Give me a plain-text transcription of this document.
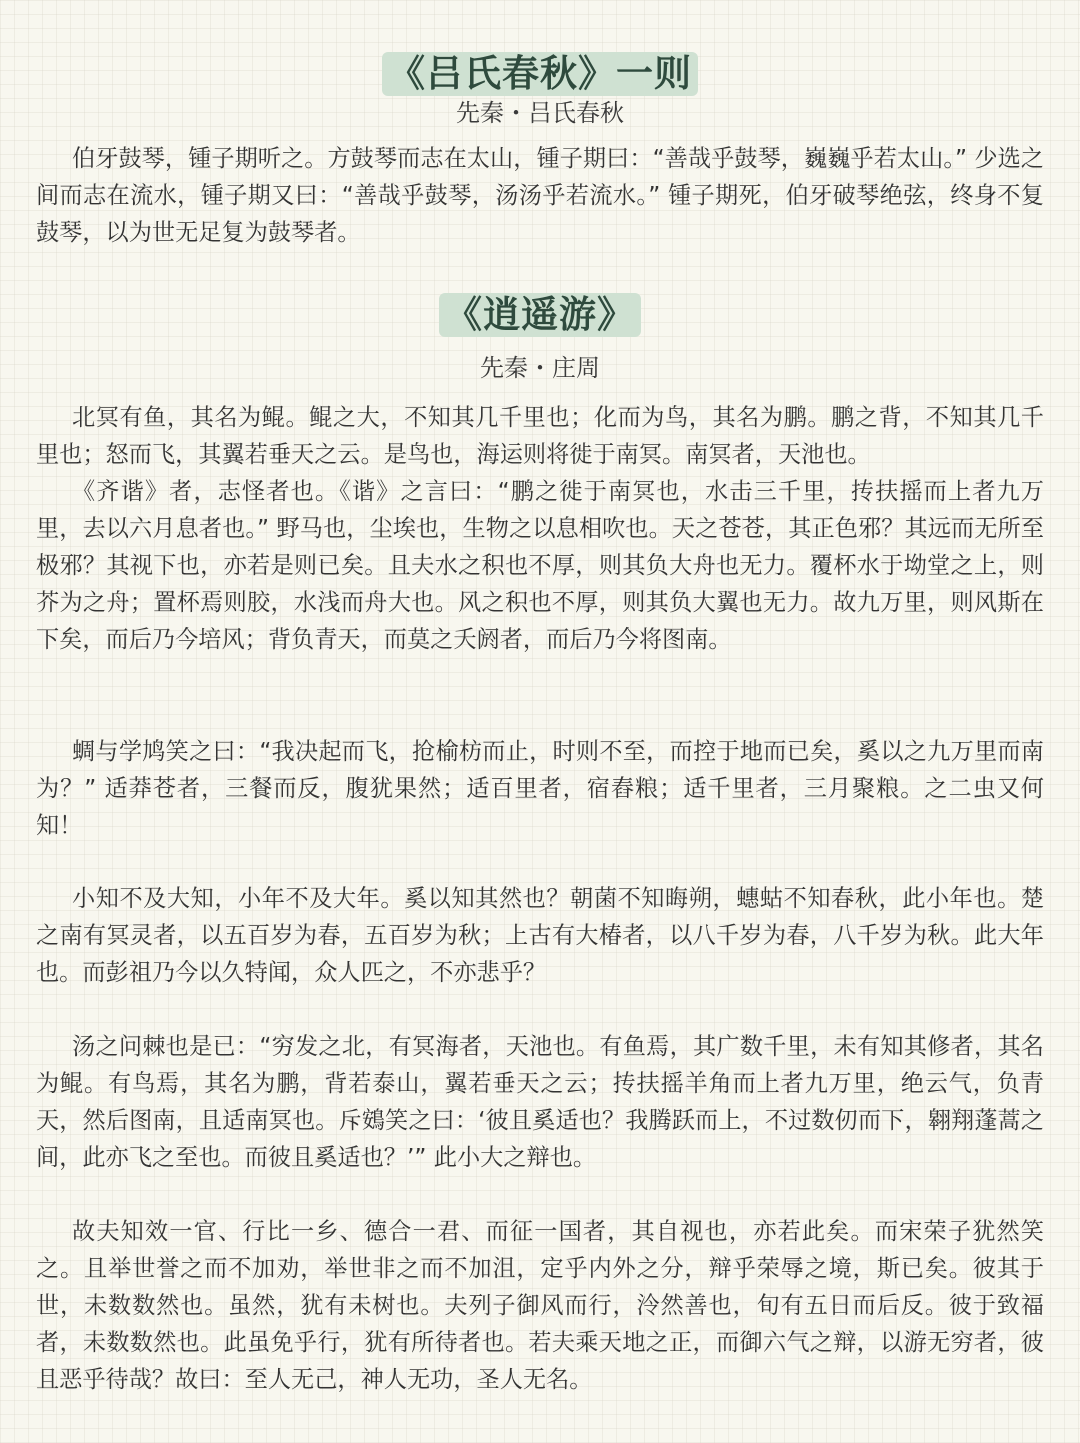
《吕氏春秋》一则
先秦・吕氏春秋

伯牙鼓琴，锺子期听之。方鼓琴而志在太山，锺子期曰：“善哉乎鼓琴，巍巍乎若太山。” 少选之间而志在流水，锺子期又曰：“善哉乎鼓琴，汤汤乎若流水。” 锺子期死，伯牙破琴绝弦，终身不复鼓琴，以为世无足复为鼓琴者。

《逍遥游》
先秦・庄周

北冥有鱼，其名为鲲。鲲之大，不知其几千里也；化而为鸟，其名为鹏。鹏之背，不知其几千里也；怒而飞，其翼若垂天之云。是鸟也，海运则将徙于南冥。南冥者，天池也。

《齐谐》者，志怪者也。《谐》之言曰：“鹏之徙于南冥也，水击三千里，抟扶摇而上者九万里，去以六月息者也。” 野马也，尘埃也，生物之以息相吹也。天之苍苍，其正色邪？其远而无所至极邪？其视下也，亦若是则已矣。且夫水之积也不厚，则其负大舟也无力。覆杯水于坳堂之上，则芥为之舟；置杯焉则胶，水浅而舟大也。风之积也不厚，则其负大翼也无力。故九万里，则风斯在下矣，而后乃今培风；背负青天，而莫之夭阏者，而后乃今将图南。

蜩与学鸠笑之曰：“我决起而飞，抢榆枋而止，时则不至，而控于地而已矣，奚以之九万里而南为？” 适莽苍者，三餐而反，腹犹果然；适百里者，宿舂粮；适千里者，三月聚粮。之二虫又何知！

小知不及大知，小年不及大年。奚以知其然也？朝菌不知晦朔，蟪蛄不知春秋，此小年也。楚之南有冥灵者，以五百岁为春，五百岁为秋；上古有大椿者，以八千岁为春，八千岁为秋。此大年也。而彭祖乃今以久特闻，众人匹之，不亦悲乎？

汤之问棘也是已：“穷发之北，有冥海者，天池也。有鱼焉，其广数千里，未有知其修者，其名为鲲。有鸟焉，其名为鹏，背若泰山，翼若垂天之云；抟扶摇羊角而上者九万里，绝云气，负青天，然后图南，且适南冥也。斥鴳笑之曰：‘彼且奚适也？我腾跃而上，不过数仞而下，翱翔蓬蒿之间，此亦飞之至也。而彼且奚适也？’” 此小大之辩也。

故夫知效一官、行比一乡、德合一君、而征一国者，其自视也，亦若此矣。而宋荣子犹然笑之。且举世誉之而不加劝，举世非之而不加沮，定乎内外之分，辩乎荣辱之境，斯已矣。彼其于世，未数数然也。虽然，犹有未树也。夫列子御风而行，泠然善也，旬有五日而后反。彼于致福者，未数数然也。此虽免乎行，犹有所待者也。若夫乘天地之正，而御六气之辩，以游无穷者，彼且恶乎待哉？故曰：至人无己，神人无功，圣人无名。
